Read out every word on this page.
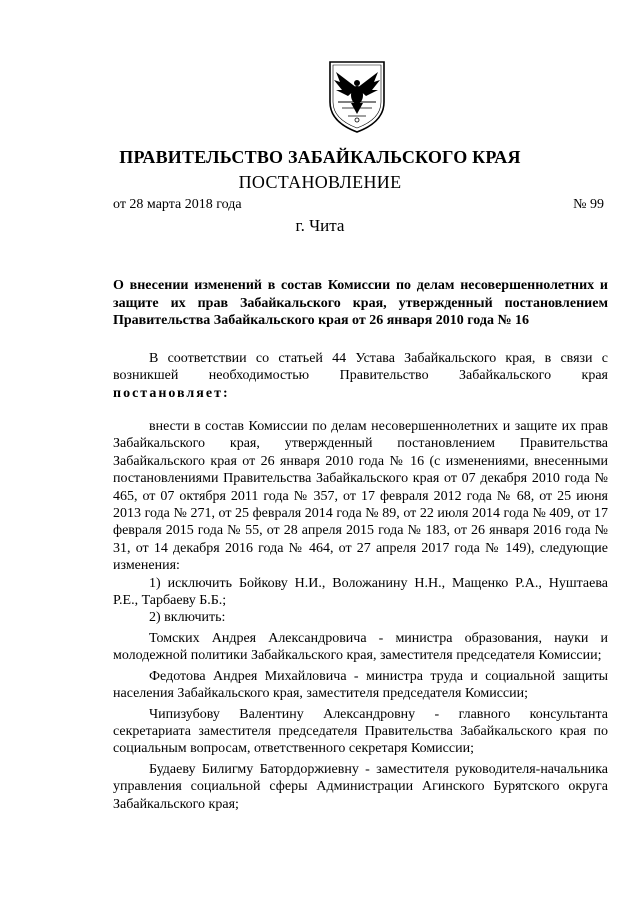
ПРАВИТЕЛЬСТВО ЗАБАЙКАЛЬСКОГО КРАЯ
ПОСТАНОВЛЕНИЕ
от 28 марта 2018 года	№ 99
г. Чита
О внесении изменений в состав Комиссии по делам несовершеннолетних и защите их прав Забайкальского края, утвержденный постановлением Правительства Забайкальского края от 26 января 2010 года № 16

В соответствии со статьей 44 Устава Забайкальского края, в связи с

возникшей необходимостью Правительство Забайкальского края

постановляет:

внести в состав Комиссии по делам несовершеннолетних и защите их прав Забайкальского края, утвержденный постановлением Правительства Забайкальского края от 26 января 2010 года № 16 (с изменениями, внесенными постановлениями Правительства Забайкальского края от 07 декабря 2010 года № 465, от 07 октября 2011 года № 357, от 17 февраля 2012 года № 68, от 25 июня 2013 года № 271, от 25 февраля 2014 года № 89, от 22 июля 2014 года № 409, от 17 февраля 2015 года № 55, от 28 апреля 2015 года № 183, от 26 января 2016 года № 31, от 14 декабря 2016 года № 464, от 27 апреля 2017 года № 149), следующие изменения:

1) исключить Бойкову Н.И., Воложанину Н.Н., Мащенко Р.А., Нуштаева Р.Е., Тарбаеву Б.Б.;

2) включить:

Томских Андрея Александровича - министра образования, науки и молодежной политики Забайкальского края, заместителя председателя Комиссии;

Федотова Андрея Михайловича - министра труда и социальной защиты населения Забайкальского края, заместителя председателя Комиссии;

Чипизубову Валентину Александровну - главного консультанта секретариата заместителя председателя Правительства Забайкальского края по социальным вопросам, ответственного секретаря Комиссии;

Будаеву Билигму Батордоржиевну - заместителя руководителя-начальника управления социальной сферы Администрации Агинского Бурятского округа Забайкальского края;
